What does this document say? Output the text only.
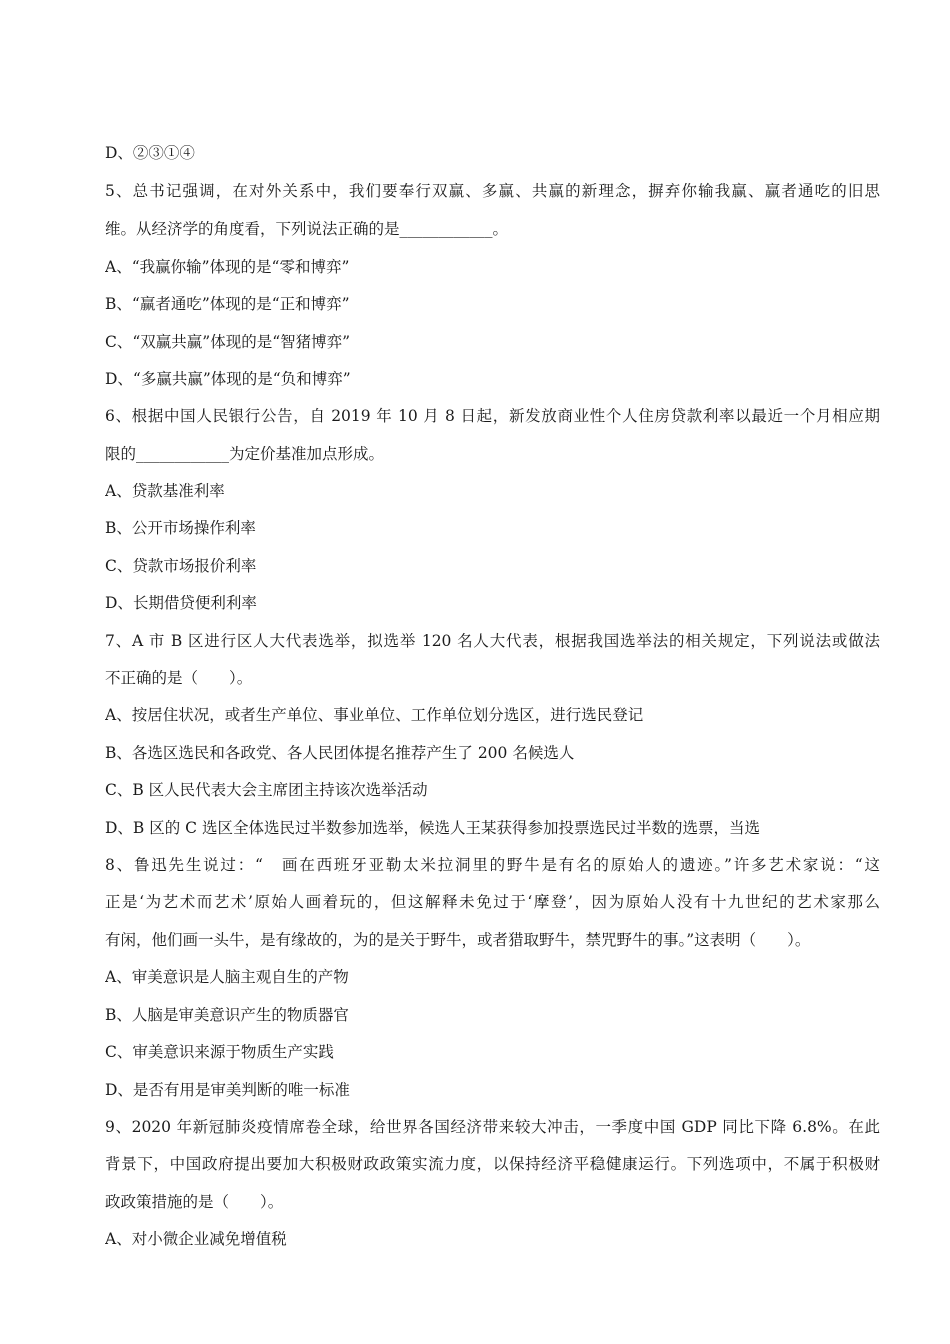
D、②③①④
5、总书记强调，在对外关系中，我们要奉行双赢、多赢、共赢的新理念，摒弃你输我赢、赢者通吃的旧思
维。从经济学的角度看，下列说法正确的是____________。
A、“我赢你输”体现的是“零和博弈”
B、“赢者通吃”体现的是“正和博弈”
C、“双赢共赢”体现的是“智猪博弈”
D、“多赢共赢”体现的是“负和博弈”
6、根据中国人民银行公告，自 2019 年 10 月 8 日起，新发放商业性个人住房贷款利率以最近一个月相应期
限的____________为定价基准加点形成。
A、贷款基准利率
B、公开市场操作利率
C、贷款市场报价利率
D、长期借贷便利利率
7、A 市 B 区进行区人大代表选举，拟选举 120 名人大代表，根据我国选举法的相关规定，下列说法或做法
不正确的是（　　）。
A、按居住状况，或者生产单位、事业单位、工作单位划分选区，进行选民登记
B、各选区选民和各政党、各人民团体提名推荐产生了 200 名候选人
C、B 区人民代表大会主席团主持该次选举活动
D、B 区的 C 选区全体选民过半数参加选举，候选人王某获得参加投票选民过半数的选票，当选
8、鲁迅先生说过：“　画在西班牙亚勒太米拉洞里的野牛是有名的原始人的遗迹。”许多艺术家说：“这
正是‘为艺术而艺术’原始人画着玩的，但这解释未免过于‘摩登’，因为原始人没有十九世纪的艺术家那么
有闲，他们画一头牛，是有缘故的，为的是关于野牛，或者猎取野牛，禁咒野牛的事。”这表明（　　）。
A、审美意识是人脑主观自生的产物
B、人脑是审美意识产生的物质器官
C、审美意识来源于物质生产实践
D、是否有用是审美判断的唯一标准
9、2020 年新冠肺炎疫情席卷全球，给世界各国经济带来较大冲击，一季度中国 GDP 同比下降 6.8%。在此
背景下，中国政府提出要加大积极财政政策实流力度，以保持经济平稳健康运行。下列选项中，不属于积极财
政政策措施的是（　　）。
A、对小微企业减免增值税
